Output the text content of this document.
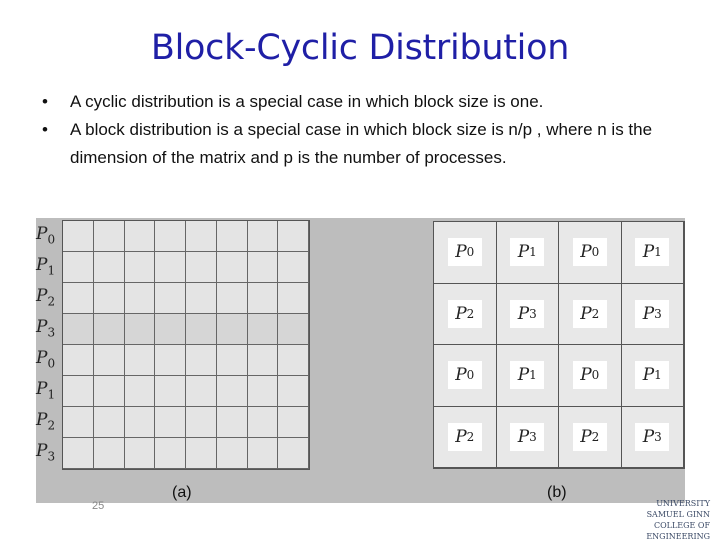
Block-Cyclic Distribution
• A cyclic distribution is a special case in which block size is one.
• A block distribution is a special case in which block size is n/p , where n is the dimension of the matrix and p is the number of processes.
$P_0$
$P_1$
$P_2$
$P_3$
$P_0$
$P_1$
$P_2$
$P_3$
P 0	P 1	P 0	P 1
P 2	P 3	P 2	P 3
P 0	P 1	P 0	P 1
P 2	P 3	P 2	P 3
(a)	(b)
25	UNIVERSITY
SAMUEL GINN
COLLEGE OF ENGINEERING
